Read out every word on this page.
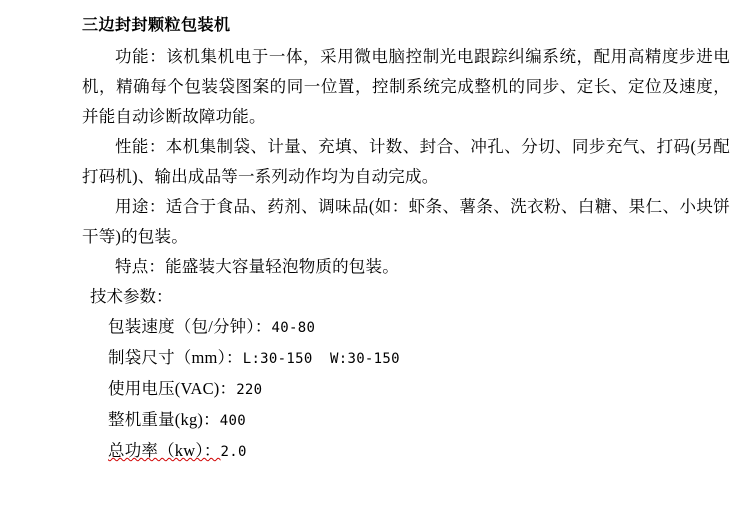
三边封封颗粒包装机

功能：该机集机电于一体，采用微电脑控制光电跟踪纠编系统，配用高精度步进电机，精确每个包装袋图案的同一位置，控制系统完成整机的同步、定长、定位及速度，并能自动诊断故障功能。

性能：本机集制袋、计量、充填、计数、封合、冲孔、分切、同步充气、打码(另配打码机)、输出成品等一系列动作均为自动完成。

用途：适合于食品、药剂、调味品(如：虾条、薯条、洗衣粉、白糖、果仁、小块饼干等)的包装。

特点：能盛装大容量轻泡物质的包装。

技术参数：

包装速度（包/分钟）：40-80

制袋尺寸（mm）：L:30-150  W:30-150

使用电压(VAC)：220

整机重量(kg)：400

总功率（kw）：2.0
